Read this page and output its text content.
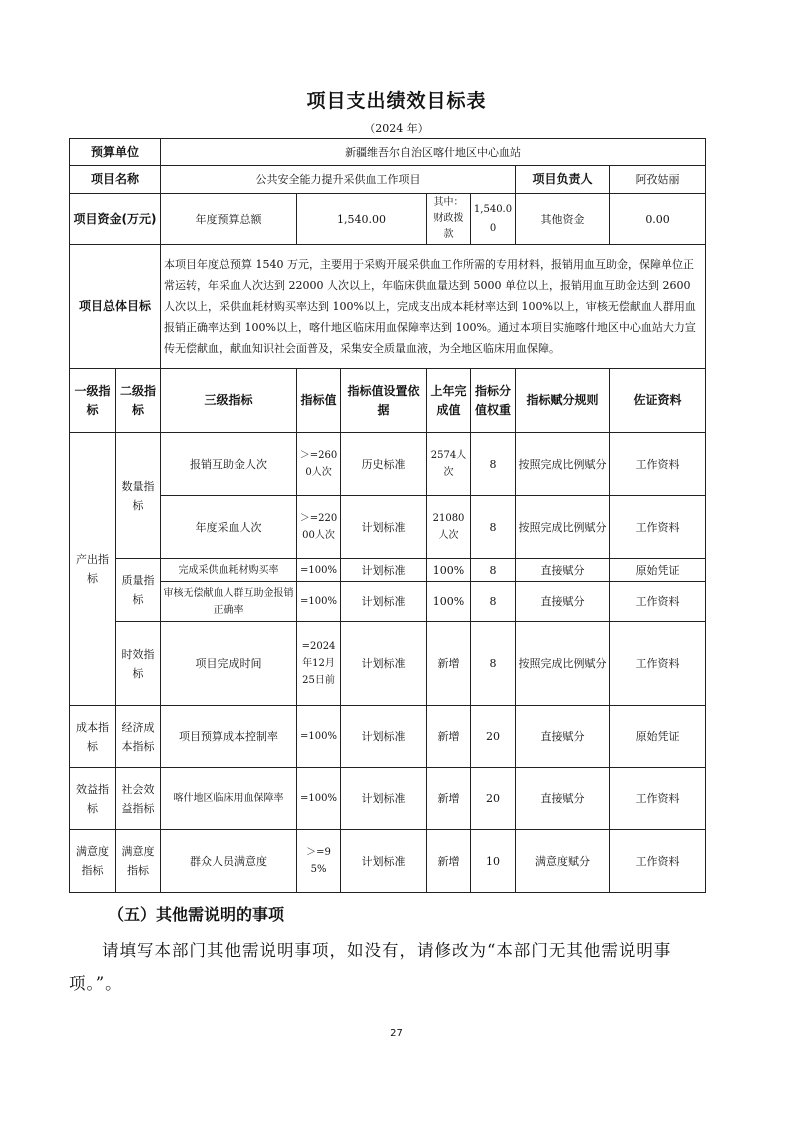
项目支出绩效目标表
（2024 年）
预算单位		新疆维吾尔自治区喀什地区中心血站						
项目名称		公共安全能力提升采供血工作项目					项目负责人	阿孜姑丽
项目资金(万元)		年度预算总额	1,540.00		其中：财政拨款	1,540.00	其他资金	0.00
项目总体目标		本项目年度总预算 1540 万元，主要用于采购开展采供血工作所需的专用材料，报销用血互助金，保障单位正常运转，年采血人次达到 22000 人次以上，年临床供血量达到 5000 单位以上，报销用血互助金达到 2600 人次以上，采供血耗材购买率达到 100%以上，完成支出成本耗材率达到 100%以上，审核无偿献血人群用血报销正确率达到 100%以上，喀什地区临床用血保障率达到 100%。通过本项目实施喀什地区中心血站大力宣传无偿献血，献血知识社会面普及，采集安全质量血液，为全地区临床用血保障。						
一级指标	二级指标	三级指标	指标值	指标值设置依据	上年完成值	指标分值权重	指标赋分规则	佐证资料
产出指标	数量指标	报销互助金人次	＞=2600人次	历史标准	2574人次	8	按照完成比例赋分	工作资料
		年度采血人次	＞=22000人次	计划标准	21080人次	8	按照完成比例赋分	工作资料
	质量指标	完成采供血耗材购买率	=100%	计划标准	100%	8	直接赋分	原始凭证
		审核无偿献血人群互助金报销正确率	=100%	计划标准	100%	8	直接赋分	工作资料
	时效指标	项目完成时间	=2024年12月25日前	计划标准	新增	8	按照完成比例赋分	工作资料
成本指标	经济成本指标	项目预算成本控制率	=100%	计划标准	新增	20	直接赋分	原始凭证
效益指标	社会效益指标	喀什地区临床用血保障率	=100%	计划标准	新增	20	直接赋分	工作资料
满意度指标	满意度指标	群众人员满意度	＞=95%	计划标准	新增	10	满意度赋分	工作资料
（五）其他需说明的事项
请填写本部门其他需说明事项，如没有，请修改为“本部门无其他需说明事项。”。
27
